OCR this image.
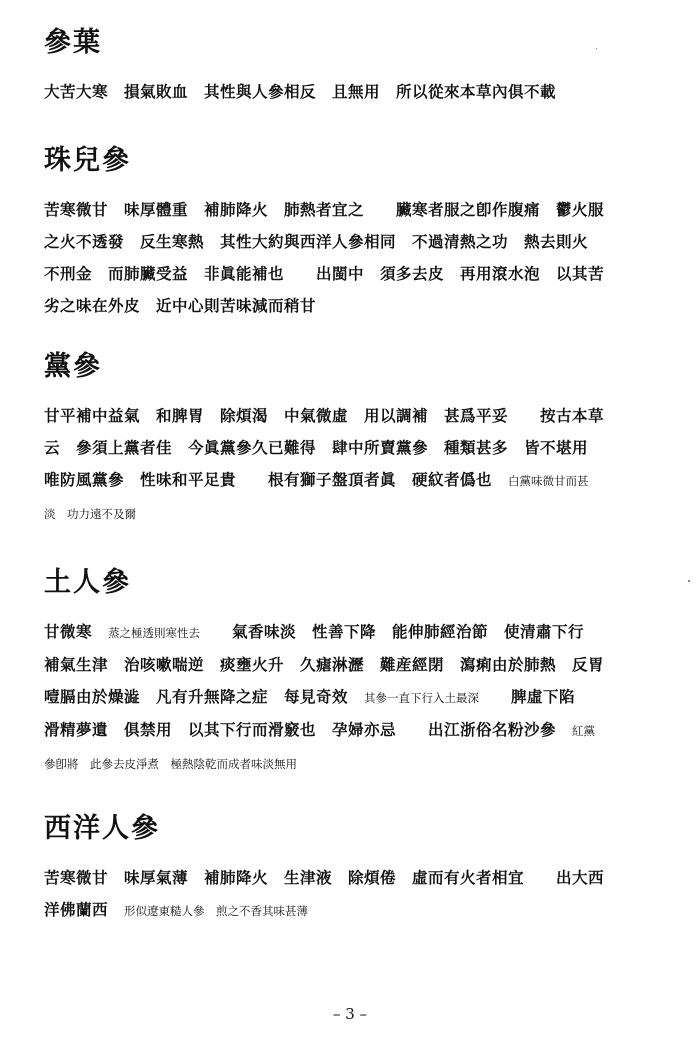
參葉
大苦大寒　損氣敗血　其性與人參相反　且無用　所以從來本草內俱不載
珠兒參
苦寒微甘　味厚體重　補肺降火　肺熱者宜之　　臟寒者服之卽作腹痛　鬱火服
之火不透發　反生寒熱　其性大約與西洋人參相同　不過清熱之功　熱去則火
不刑金　而肺臟受益　非眞能補也　　出閩中　須多去皮　再用滾水泡　以其苦
劣之味在外皮　近中心則苦味減而稍甘
黨參
甘平補中益氣　和脾胃　除煩渴　中氣微虛　用以調補　甚爲平妥　　按古本草
云　參須上黨者佳　今眞黨參久已難得　肆中所賣黨參　種類甚多　皆不堪用
唯防風黨參　性味和平足貴　　根有獅子盤頂者眞　硬紋者僞也　白黨味微甘而甚
淡　功力遠不及爾
土人參
甘微寒　蒸之極透則寒性去　　氣香味淡　性善下降　能伸肺經治節　使清肅下行
補氣生津　治咳嗽喘逆　痰壅火升　久瘧淋瀝　難産經閉　瀉痢由於肺熱　反胃
噎膈由於燥澁　凡有升無降之症　每見奇效　其參一直下行入土最深　　脾虛下陷
滑精夢遺　俱禁用　以其下行而滑竅也　孕婦亦忌　　出江浙俗名粉沙參　紅黨
參卽將　此參去皮淨煮　極熱陰乾而成者味淡無用
西洋人參
苦寒微甘　味厚氣薄　補肺降火　生津液　除煩倦　虛而有火者相宜　　出大西
洋佛蘭西　形似遼東糙人參　煎之不香其味甚薄
– 3 –
